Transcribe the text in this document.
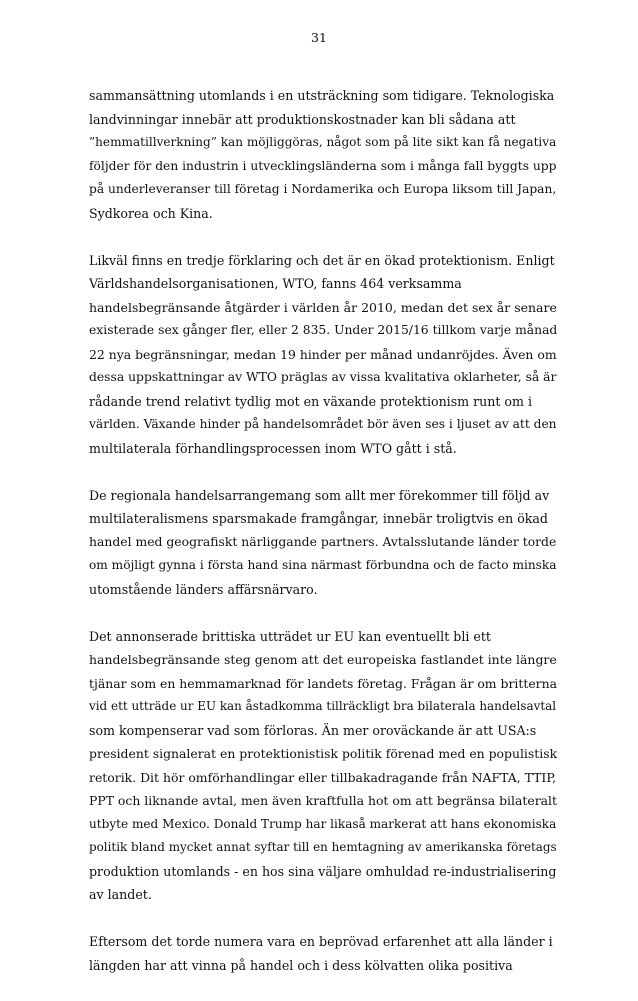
31
sammansättning utomlands i en utsträckning som tidigare. Teknologiska
landvinningar innebär att produktionskostnader kan bli sådana att
”hemmatillverkning” kan möjliggöras, något som på lite sikt kan få negativa
följder för den industrin i utvecklingsländerna som i många fall byggts upp
på underleveranser till företag i Nordamerika och Europa liksom till Japan,
Sydkorea och Kina.
Likväl finns en tredje förklaring och det är en ökad protektionism. Enligt
Världshandelsorganisationen, WTO, fanns 464 verksamma
handelsbegränsande åtgärder i världen år 2010, medan det sex år senare
existerade sex gånger fler, eller 2 835. Under 2015/16 tillkom varje månad
22 nya begränsningar, medan 19 hinder per månad undanröjdes. Även om
dessa uppskattningar av WTO präglas av vissa kvalitativa oklarheter, så är
rådande trend relativt tydlig mot en växande protektionism runt om i
världen. Växande hinder på handelsområdet bör även ses i ljuset av att den
multilaterala förhandlingsprocessen inom WTO gått i stå.
De regionala handelsarrangemang som allt mer förekommer till följd av
multilateralismens sparsmakade framgångar, innebär troligtvis en ökad
handel med geografiskt närliggande partners. Avtalsslutande länder torde
om möjligt gynna i första hand sina närmast förbundna och de facto minska
utomstående länders affärsnärvaro.
Det annonserade brittiska utträdet ur EU kan eventuellt bli ett
handelsbegränsande steg genom att det europeiska fastlandet inte längre
tjänar som en hemmamarknad för landets företag. Frågan är om britterna
vid ett utträde ur EU kan åstadkomma tillräckligt bra bilaterala handelsavtal
som kompenserar vad som förloras. Än mer oroväckande är att USA:s
president signalerat en protektionistisk politik förenad med en populistisk
retorik. Dit hör omförhandlingar eller tillbakadragande från NAFTA, TTIP,
PPT och liknande avtal, men även kraftfulla hot om att begränsa bilateralt
utbyte med Mexico. Donald Trump har likaså markerat att hans ekonomiska
politik bland mycket annat syftar till en hemtagning av amerikanska företags
produktion utomlands - en hos sina väljare omhuldad re-industrialisering
av landet.
Eftersom det torde numera vara en beprövad erfarenhet att alla länder i
längden har att vinna på handel och i dess kölvatten olika positiva
